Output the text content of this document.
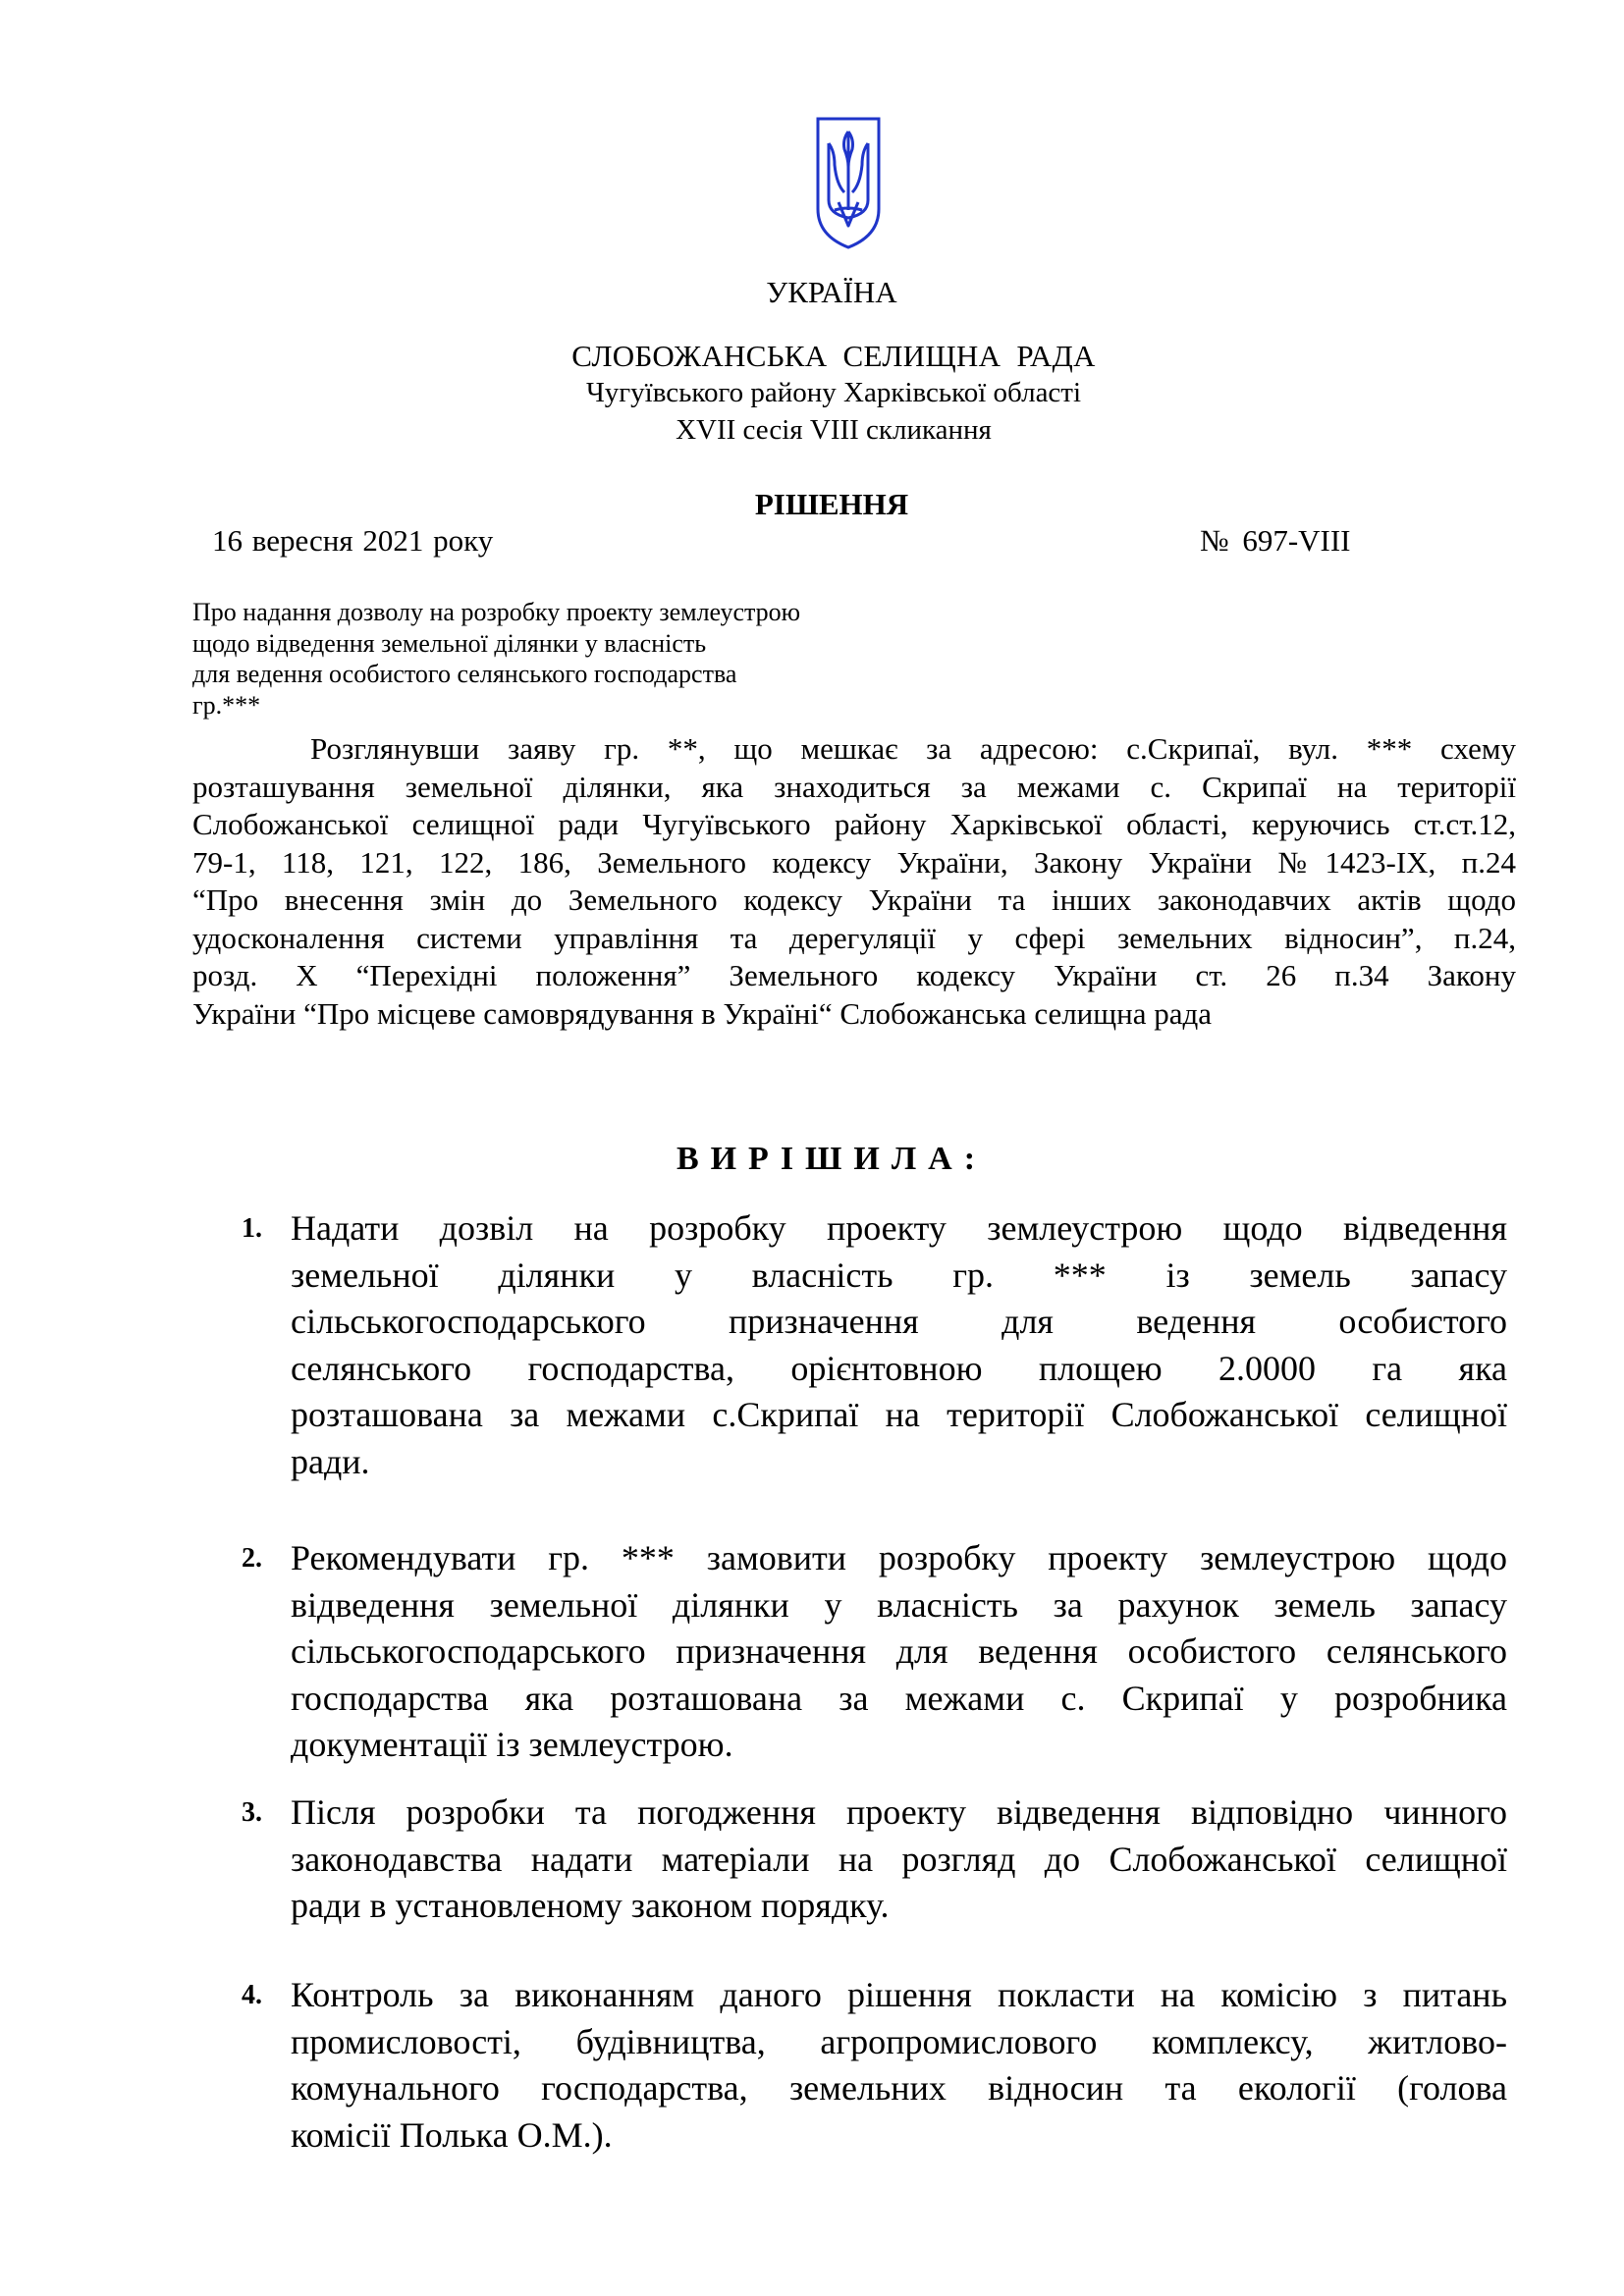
УКРАЇНА
СЛОБОЖАНСЬКА СЕЛИЩНА РАДА
Чугуївського району Харківської області
XVII сесія VIII скликання
РІШЕННЯ
16 вересня 2021 року	№ 697-VIII
Про надання дозволу на розробку проекту землеустрою
щодо відведення земельної ділянки у власність
для ведення особистого селянського господарства
гр.***
Розглянувши заяву гр. **, що мешкає за адресою: с.Скрипаї, вул. *** схему
розташування земельної ділянки, яка знаходиться за межами с. Скрипаї на території
Слобожанської селищної ради Чугуївського району Харківської області, керуючись ст.ст.12,
79-1, 118, 121, 122, 186, Земельного кодексу України, Закону України №1423-IX, п.24
“Про внесення змін до Земельного кодексу України та інших законодавчих актів щодо
удосконалення системи управління та дерегуляції у сфері земельних відносин”, п.24,
розд. X “Перехідні положення” Земельного кодексу України ст. 26 п.34 Закону
України “Про місцеве самоврядування в Україні“ Слобожанська селищна рада
ВИРІШИЛА:
1. Надати дозвіл на розробку проекту землеустрою щодо відведення
земельної ділянки у власність гр. *** із земель запасу
сільськогосподарського призначення для ведення особистого
селянського господарства, орієнтовною площею 2.0000 га яка
розташована за межами с.Скрипаї на території Слобожанської селищної
ради.
2. Рекомендувати гр. *** замовити розробку проекту землеустрою щодо
відведення земельної ділянки у власність за рахунок земель запасу
сільськогосподарського призначення для ведення особистого селянського
господарства яка розташована за межами с. Скрипаї у розробника
документації із землеустрою.
3. Після розробки та погодження проекту відведення відповідно чинного
законодавства надати матеріали на розгляд до Слобожанської селищної
ради в установленому законом порядку.
4. Контроль за виконанням даного рішення покласти на комісію з питань
промисловості, будівництва, агропромислового комплексу, житлово-
комунального господарства, земельних відносин та екології (голова
комісії Полька О.М.).
